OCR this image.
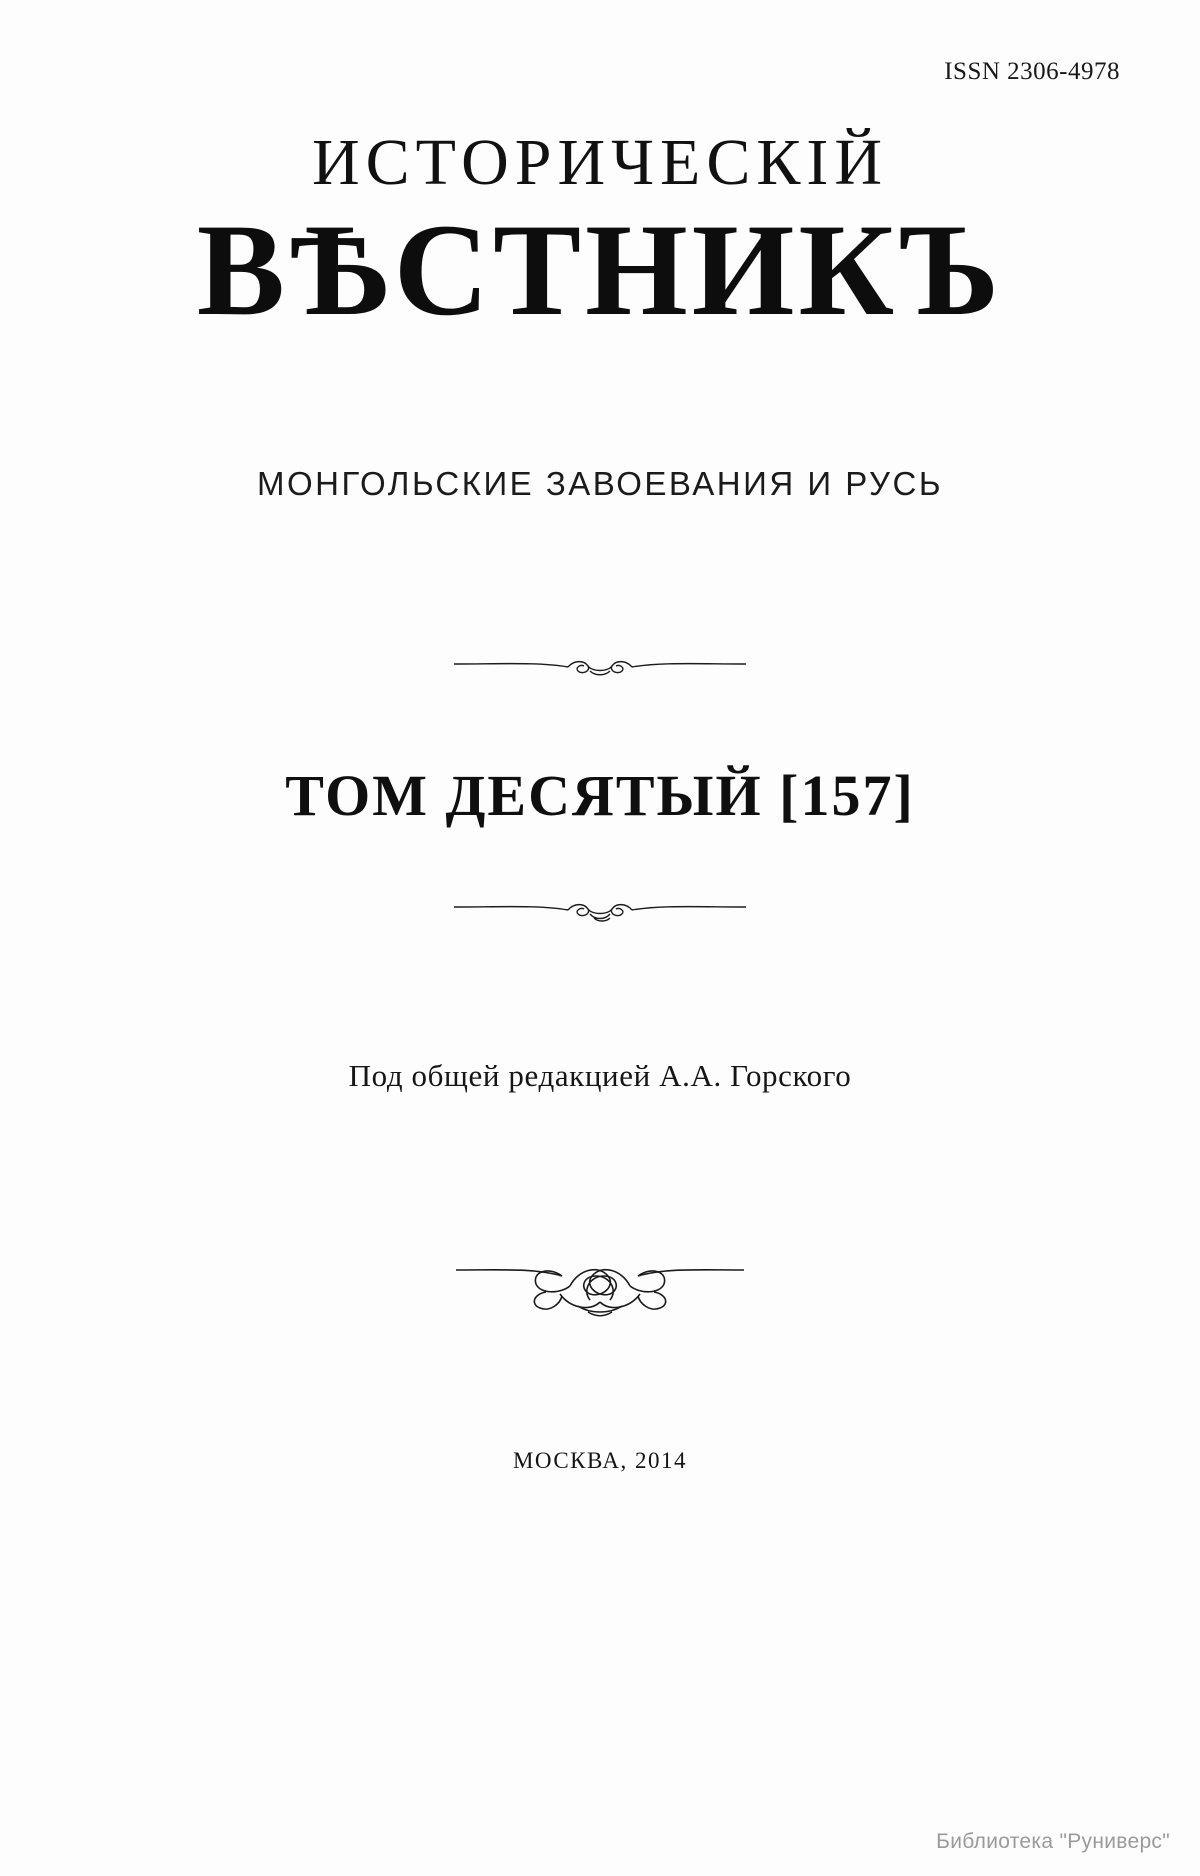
ISSN 2306-4978
ИСТОРИЧЕСКІЙ
ВѢСТНИКЪ
МОНГОЛЬСКИЕ ЗАВОЕВАНИЯ И РУСЬ
ТОМ ДЕСЯТЫЙ [157]
Под общей редакцией А.А. Горского
МОСКВА, 2014
Библиотека "Руниверс"
